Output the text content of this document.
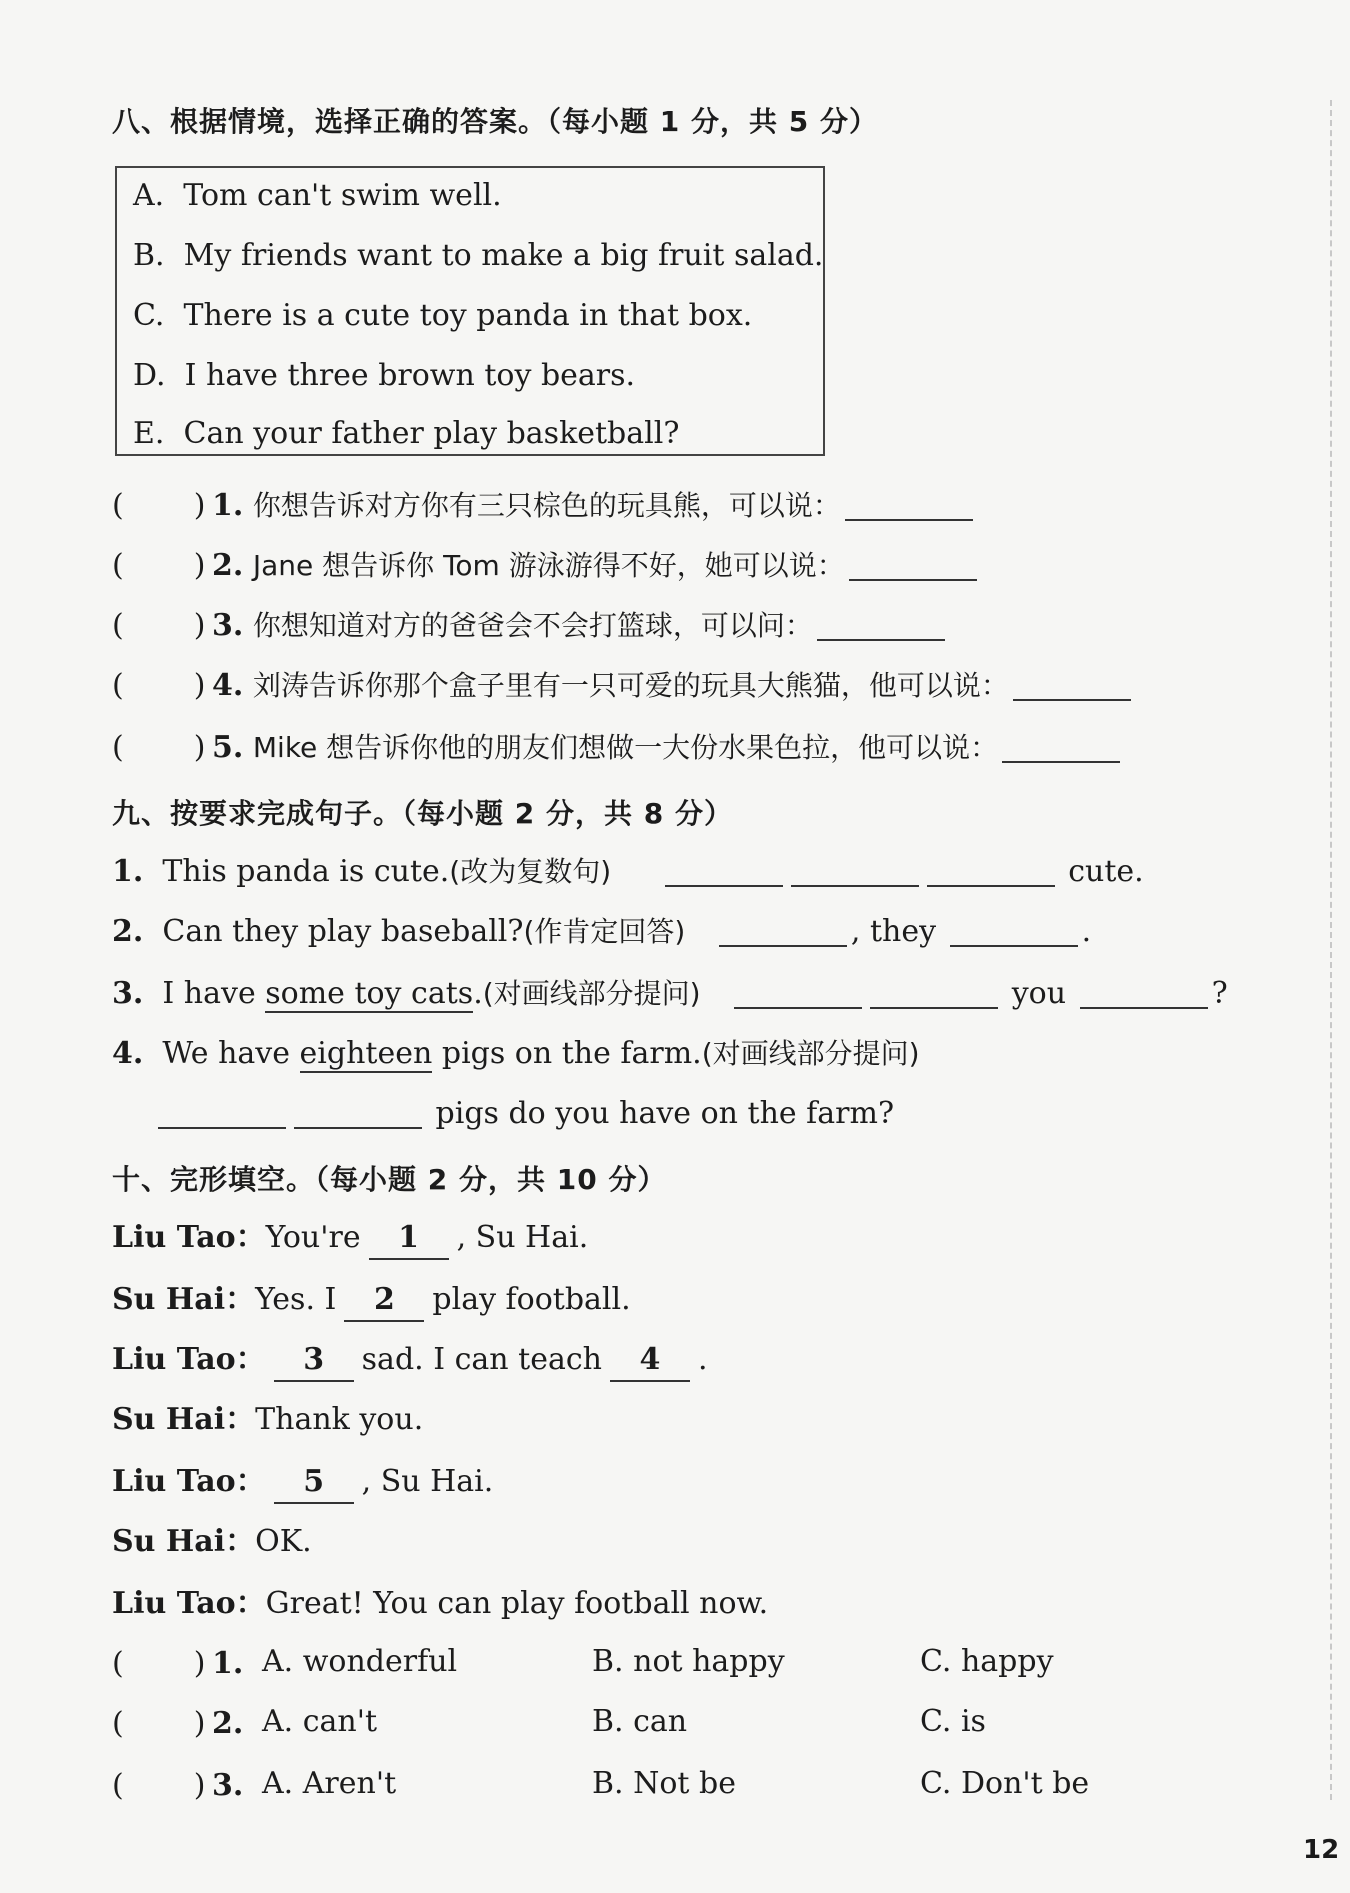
八、根据情境，选择正确的答案。（每小题 1 分，共 5 分）
A. Tom can't swim well.
B. My friends want to make a big fruit salad.
C. There is a cute toy panda in that box.
D. I have three brown toy bears.
E. Can your father play basketball?
( ) 1. 你想告诉对方你有三只棕色的玩具熊，可以说：
( ) 2. Jane 想告诉你 Tom 游泳游得不好，她可以说：
( ) 3. 你想知道对方的爸爸会不会打篮球，可以问：
( ) 4. 刘涛告诉你那个盒子里有一只可爱的玩具大熊猫，他可以说：
( ) 5. Mike 想告诉你他的朋友们想做一大份水果色拉，他可以说：
九、按要求完成句子。（每小题 2 分，共 8 分）
1. This panda is cute.(改为复数句)	cute.
2. Can they play baseball?(作肯定回答)	, they	.
3. I have some toy cats.(对画线部分提问)	you	?
4. We have eighteen pigs on the farm.(对画线部分提问)
pigs do you have on the farm?
十、完形填空。（每小题 2 分，共 10 分）
Liu Tao：You're 1 , Su Hai.
Su Hai：Yes. I 2 play football.
Liu Tao： 3 sad. I can teach 4 .
Su Hai：Thank you.
Liu Tao： 5 , Su Hai.
Su Hai：OK.
Liu Tao：Great! You can play football now.
( ) 1. A. wonderful	B. not happy	C. happy
( ) 2. A. can't	B. can	C. is
( ) 3. A. Aren't	B. Not be	C. Don't be
12
